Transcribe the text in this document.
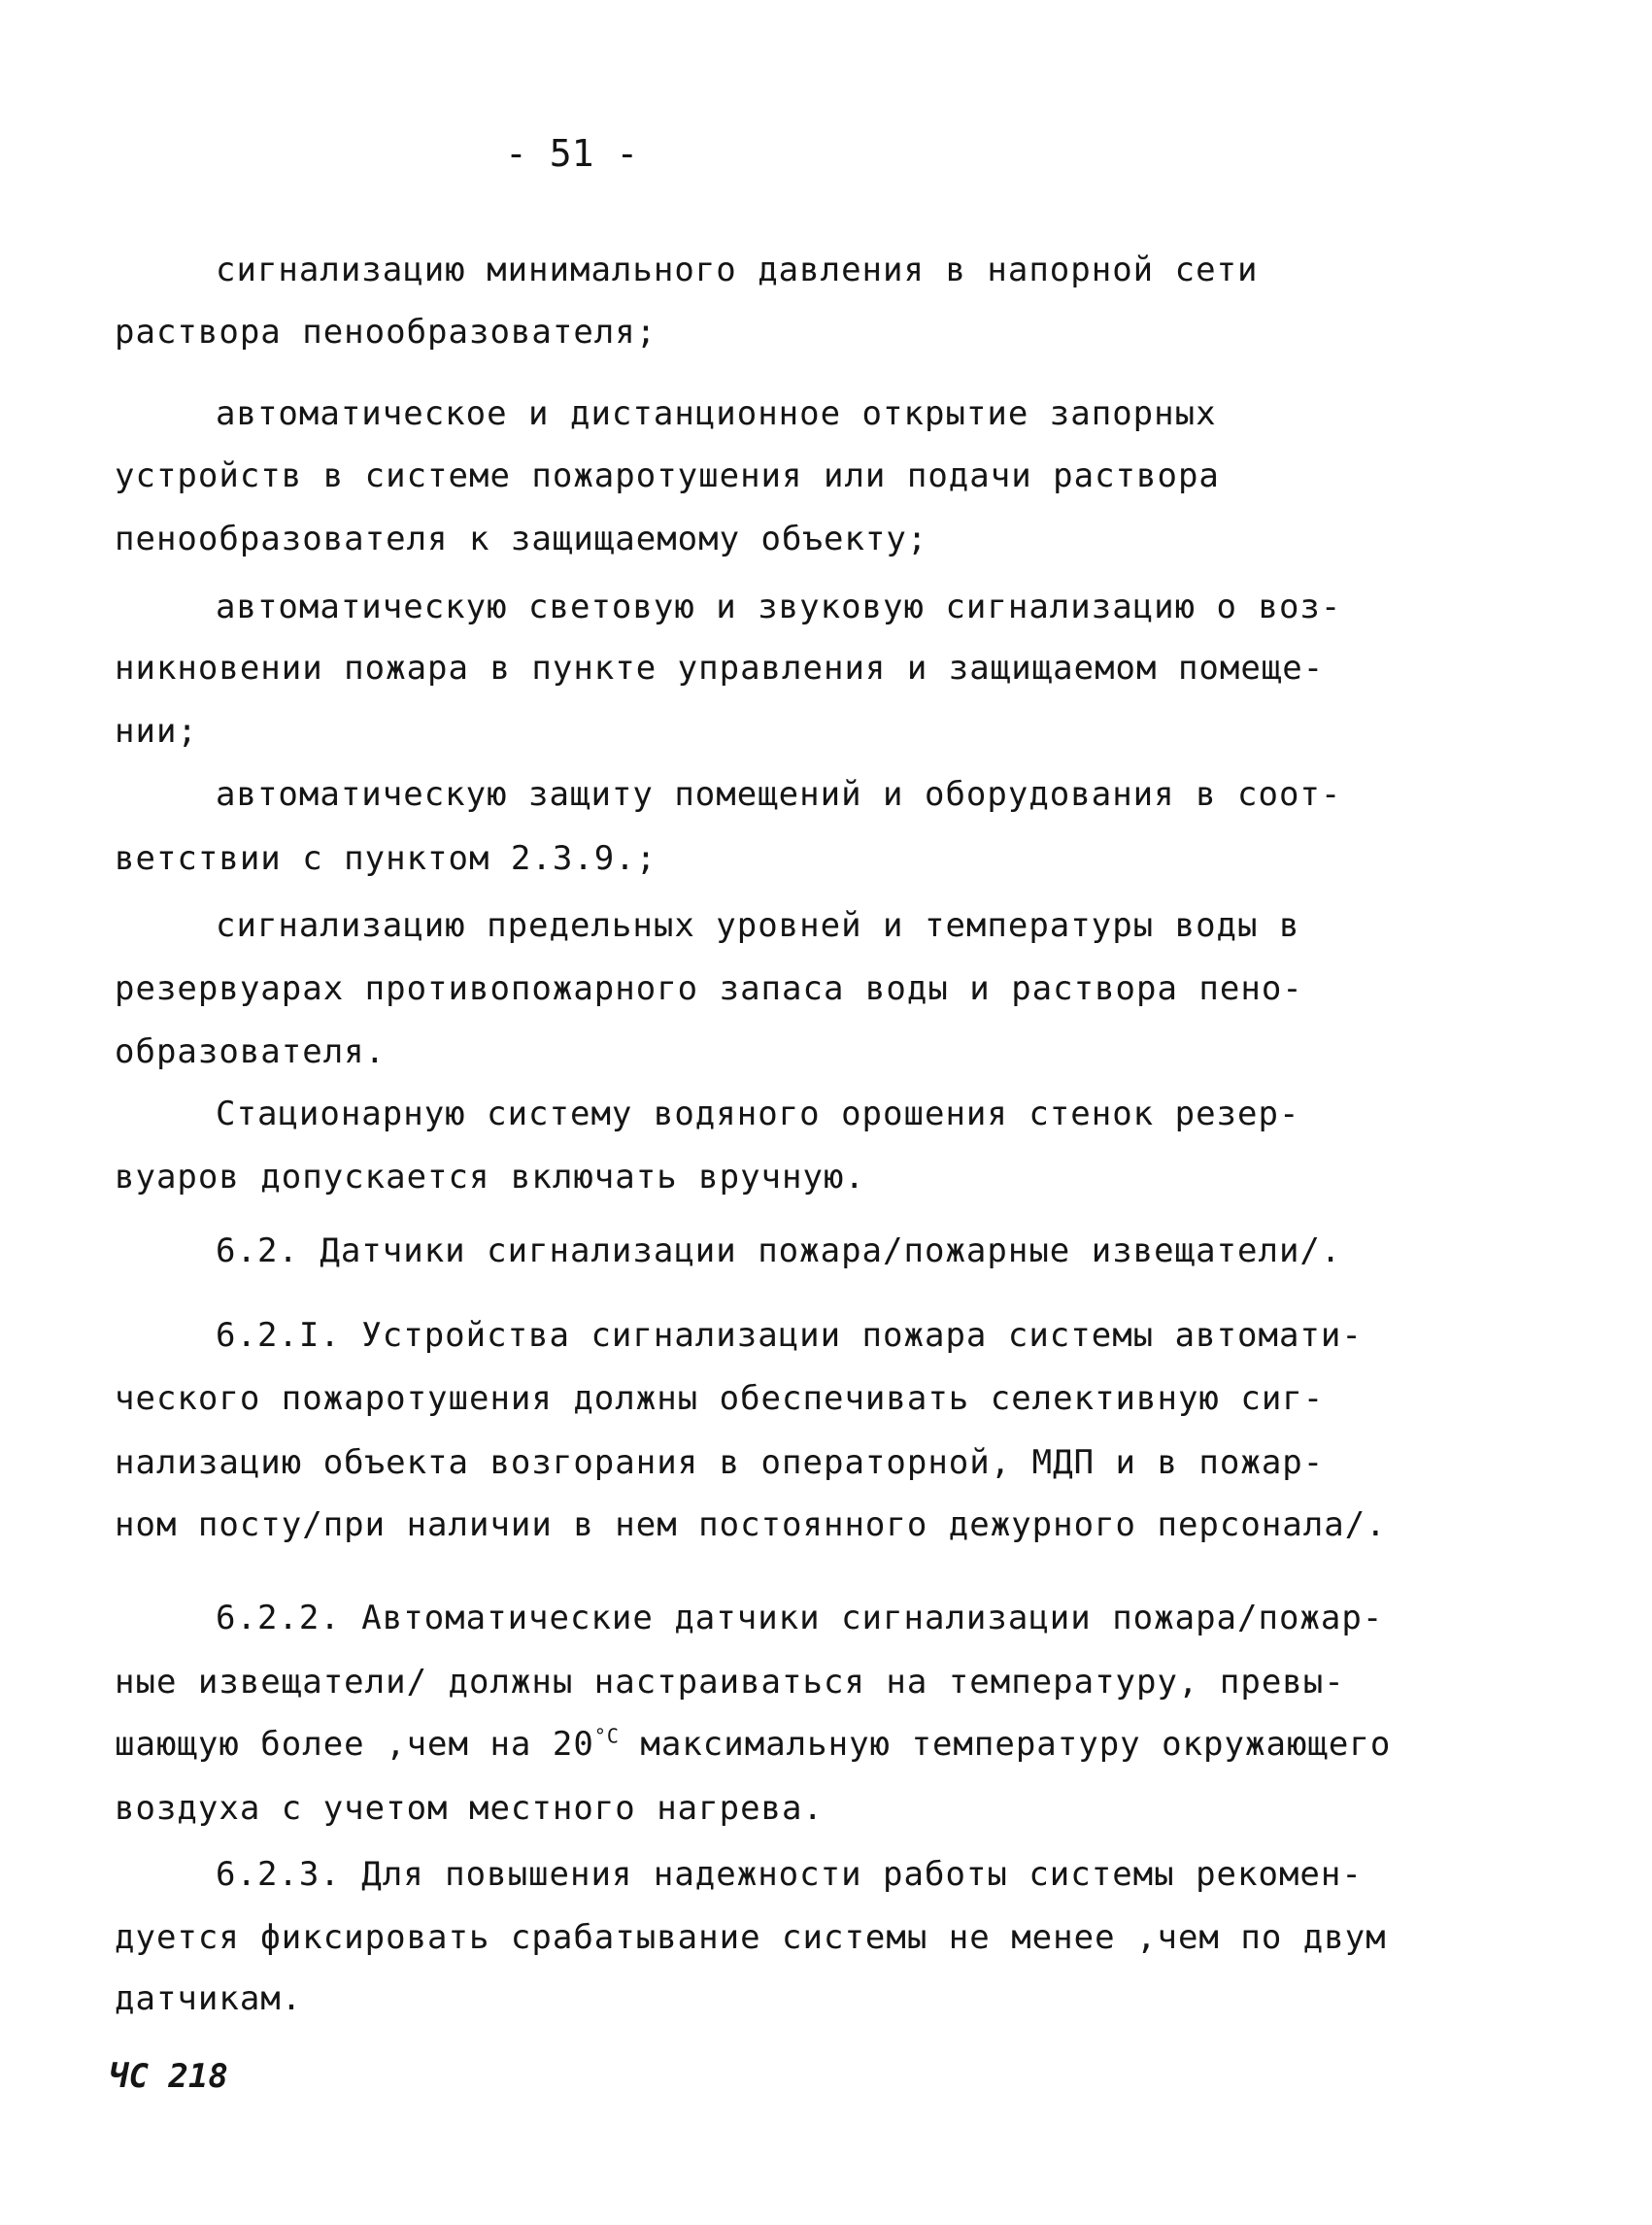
- 51 -
сигнализацию минимального давления в напорной сети
раствора пенообразователя;
автоматическое и дистанционное открытие запорных
устройств в системе пожаротушения или подачи раствора
пенообразователя к защищаемому объекту;
автоматическую световую и звуковую сигнализацию о воз-
никновении пожара в пункте управления и защищаемом помеще-
нии;
автоматическую защиту помещений и оборудования в соот-
ветствии с пунктом 2.3.9.;
сигнализацию предельных уровней и температуры воды в
резервуарах противопожарного запаса воды и раствора пено-
образователя.
Стационарную систему водяного орошения стенок резер-
вуаров допускается включать вручную.
6.2. Датчики сигнализации пожара/пожарные извещатели/.
6.2.I. Устройства сигнализации пожара системы автомати-
ческого пожаротушения должны обеспечивать селективную сиг-
нализацию объекта возгорания в операторной, МДП и в пожар-
ном посту/при наличии в нем постоянного дежурного персонала/.
6.2.2. Автоматические датчики сигнализации пожара/пожар-
ные извещатели/ должны настраиваться на температуру, превы-
шающую более ,чем на $20^{^\circ С}$ максимальную температуру окружающего
воздуха с учетом местного нагрева.
6.2.3. Для повышения надежности работы системы рекомен-
дуется фиксировать срабатывание системы не менее ,чем по двум
датчикам.
ЧС 218
